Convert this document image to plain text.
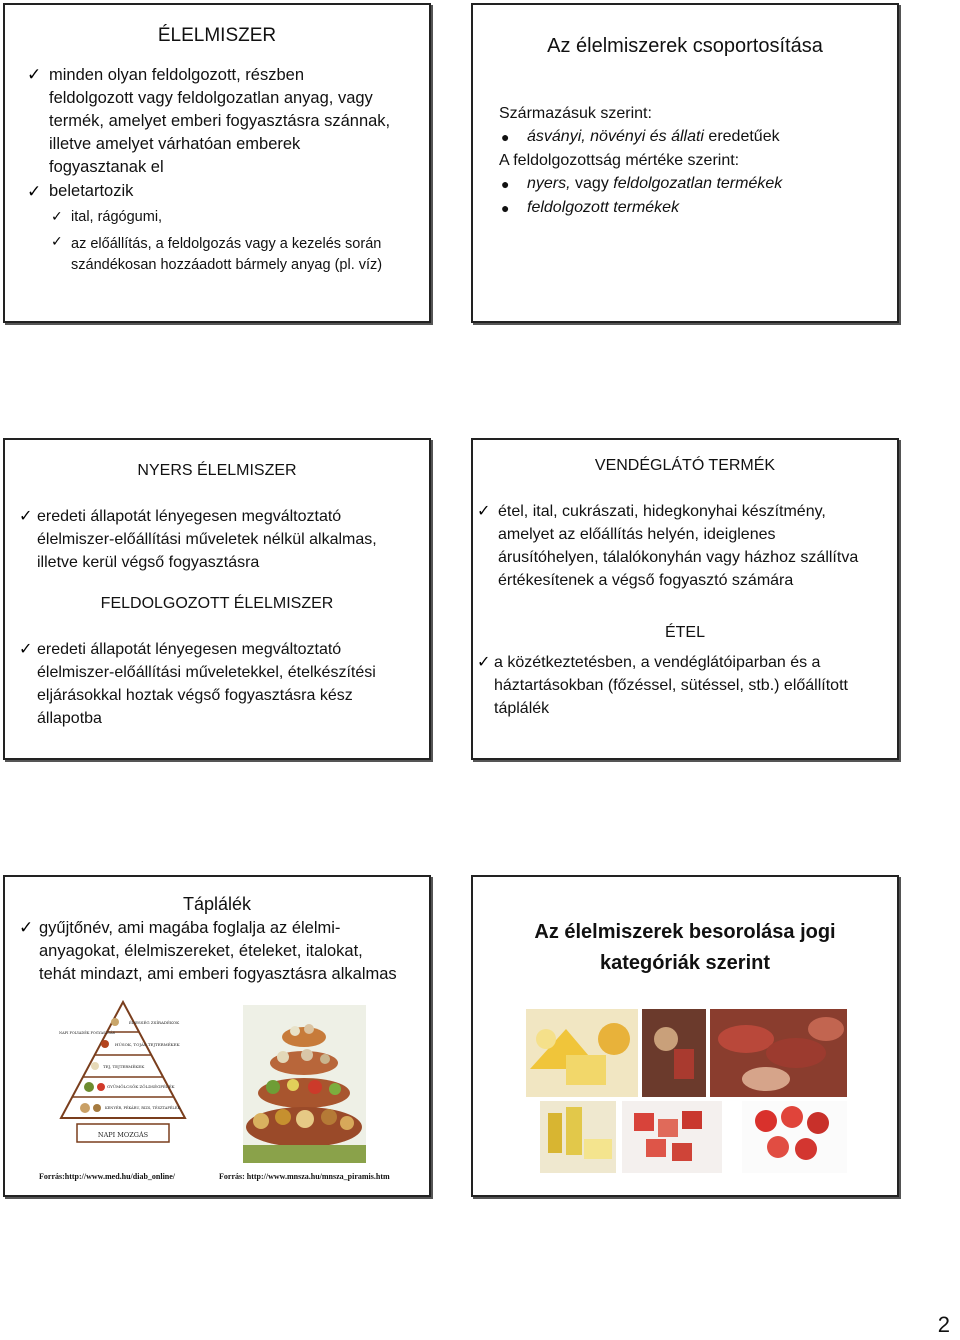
ÉLELMISZER
✓ minden olyan feldolgozott, részben
feldolgozott vagy feldolgozatlan anyag, vagy
termék, amelyet emberi fogyasztásra szánnak,
illetve amelyet várhatóan emberek
fogyasztanak el
✓ beletartozik
✓ ital, rágógumi,
✓ az előállítás, a feldolgozás vagy a kezelés során
szándékosan hozzáadott bármely anyag (pl. víz)
Az élelmiszerek csoportosítása
Származásuk szerint:
● ásványi, növényi és állati eredetűek
A feldolgozottság mértéke szerint:
● nyers, vagy feldolgozatlan termékek
● feldolgozott termékek
NYERS ÉLELMISZER
✓ eredeti állapotát lényegesen megváltoztató
élelmiszer-előállítási műveletek nélkül alkalmas,
illetve kerül végső fogyasztásra
FELDOLGOZOTT ÉLELMISZER
✓ eredeti állapotát lényegesen megváltoztató
élelmiszer-előállítási műveletekkel, ételkészítési
eljárásokkal hoztak végső fogyasztásra kész
állapotba
VENDÉGLÁTÓ TERMÉK
✓ étel, ital, cukrászati, hidegkonyhai készítmény,
amelyet az előállítás helyén, ideiglenes
árusítóhelyen, tálalókonyhán vagy házhoz szállítva
értékesítenek a végső fogyasztó számára
ÉTEL
✓ a közétkeztetésben, a vendéglátóiparban és a
háztartásokban (főzéssel, sütéssel, stb.) előállított
táplálék
Táplálék
✓ gyűjtőnév, ami magába foglalja az élelmi-
anyagokat, élelmiszereket, ételeket, italokat,
tehát mindazt, ami emberi fogyasztásra alkalmas
ÉDESSÉG ZSÍRADÉKOK
HÚSOK, TOJÁS TEJTERMÉKEK
TEJ, TEJTERMÉKEK
GYÜMÖLCSÖK ZÖLDSÉGFÉLÉK
KENYÉR, PÉKÁRU, RIZS, TÉSZTAFÉLÉK
NAPI MOZGÁS
NAPI FOLYADÉK FOGYASZTÁS
Forrás:http://www.med.hu/diab_online/	Forrás: http://www.mnsza.hu/mnsza_piramis.htm
Az élelmiszerek besorolása jogi
kategóriák szerint
2
